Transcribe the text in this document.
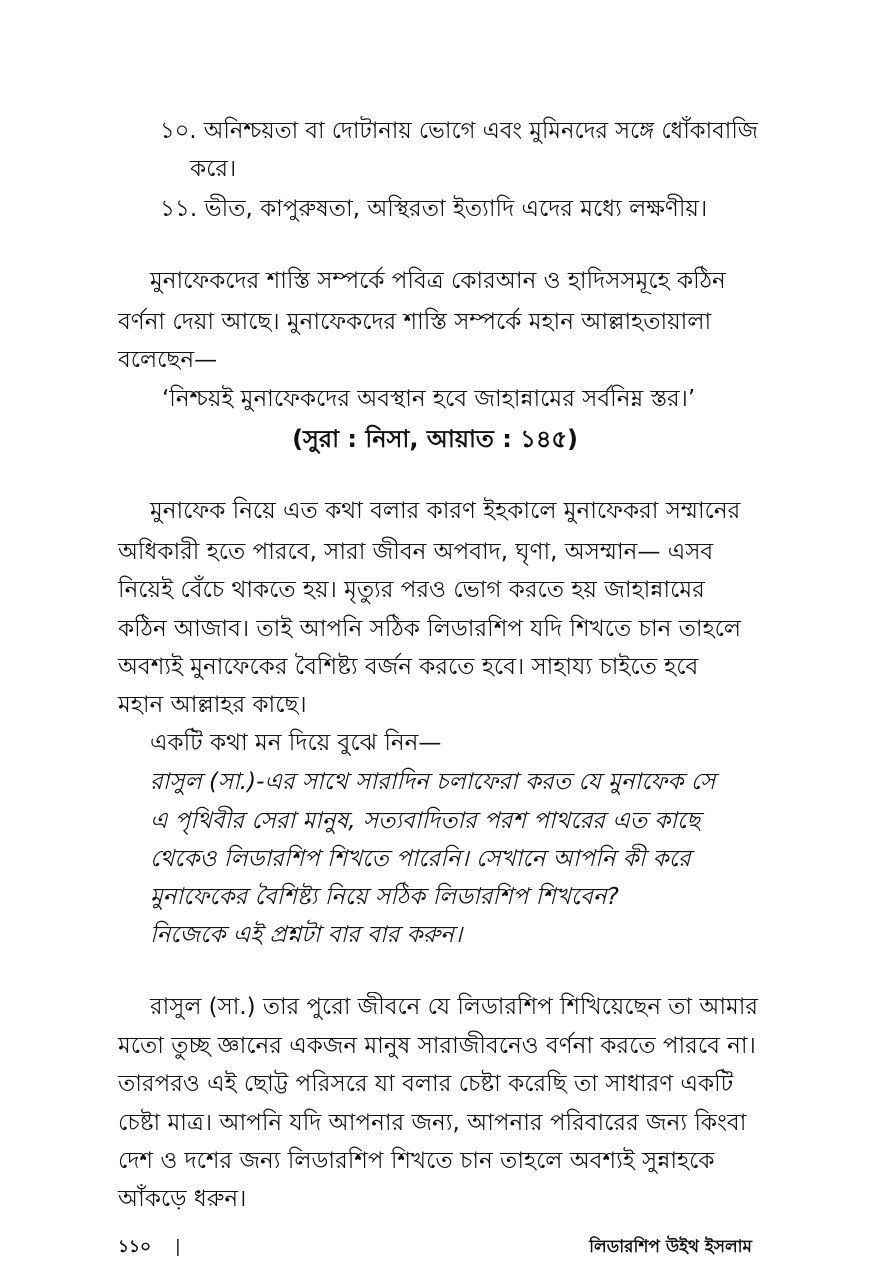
১০. অনিশ্চয়তা বা দোটানায় ভোগে এবং মুমিনদের সঙ্গে ধোঁকাবাজি
করে।
১১. ভীত, কাপুরুষতা, অস্থিরতা ইত্যাদি এদের মধ্যে লক্ষণীয়।
মুনাফেকদের শাস্তি সম্পর্কে পবিত্র কোরআন ও হাদিসসমূহে কঠিন
বর্ণনা দেয়া আছে। মুনাফেকদের শাস্তি সম্পর্কে মহান আল্লাহতায়ালা
বলেছেন—
‘নিশ্চয়ই মুনাফেকদের অবস্থান হবে জাহান্নামের সর্বনিম্ন স্তর।’
(সুরা : নিসা, আয়াত : ১৪৫)
মুনাফেক নিয়ে এত কথা বলার কারণ ইহকালে মুনাফেকরা সম্মানের
অধিকারী হতে পারবে, সারা জীবন অপবাদ, ঘৃণা, অসম্মান— এসব
নিয়েই বেঁচে থাকতে হয়। মৃত্যুর পরও ভোগ করতে হয় জাহান্নামের
কঠিন আজাব। তাই আপনি সঠিক লিডারশিপ যদি শিখতে চান তাহলে
অবশ্যই মুনাফেকের বৈশিষ্ট্য বর্জন করতে হবে। সাহায্য চাইতে হবে
মহান আল্লাহর কাছে।
একটি কথা মন দিয়ে বুঝে নিন—
রাসুল (সা.)-এর সাথে সারাদিন চলাফেরা করত যে মুনাফেক সে
এ পৃথিবীর সেরা মানুষ, সত্যবাদিতার পরশ পাথরের এত কাছে
থেকেও লিডারশিপ শিখতে পারেনি। সেখানে আপনি কী করে
মুনাফেকের বৈশিষ্ট্য নিয়ে সঠিক লিডারশিপ শিখবেন?
নিজেকে এই প্রশ্নটা বার বার করুন।
রাসুল (সা.) তার পুরো জীবনে যে লিডারশিপ শিখিয়েছেন তা আমার
মতো তুচ্ছ জ্ঞানের একজন মানুষ সারাজীবনেও বর্ণনা করতে পারবে না।
তারপরও এই ছোট্ট পরিসরে যা বলার চেষ্টা করেছি তা সাধারণ একটি
চেষ্টা মাত্র। আপনি যদি আপনার জন্য, আপনার পরিবারের জন্য কিংবা
দেশ ও দশের জন্য লিডারশিপ শিখতে চান তাহলে অবশ্যই সুন্নাহকে
আঁকড়ে ধরুন।
১১০ |	লিডারশিপ উইথ ইসলাম
